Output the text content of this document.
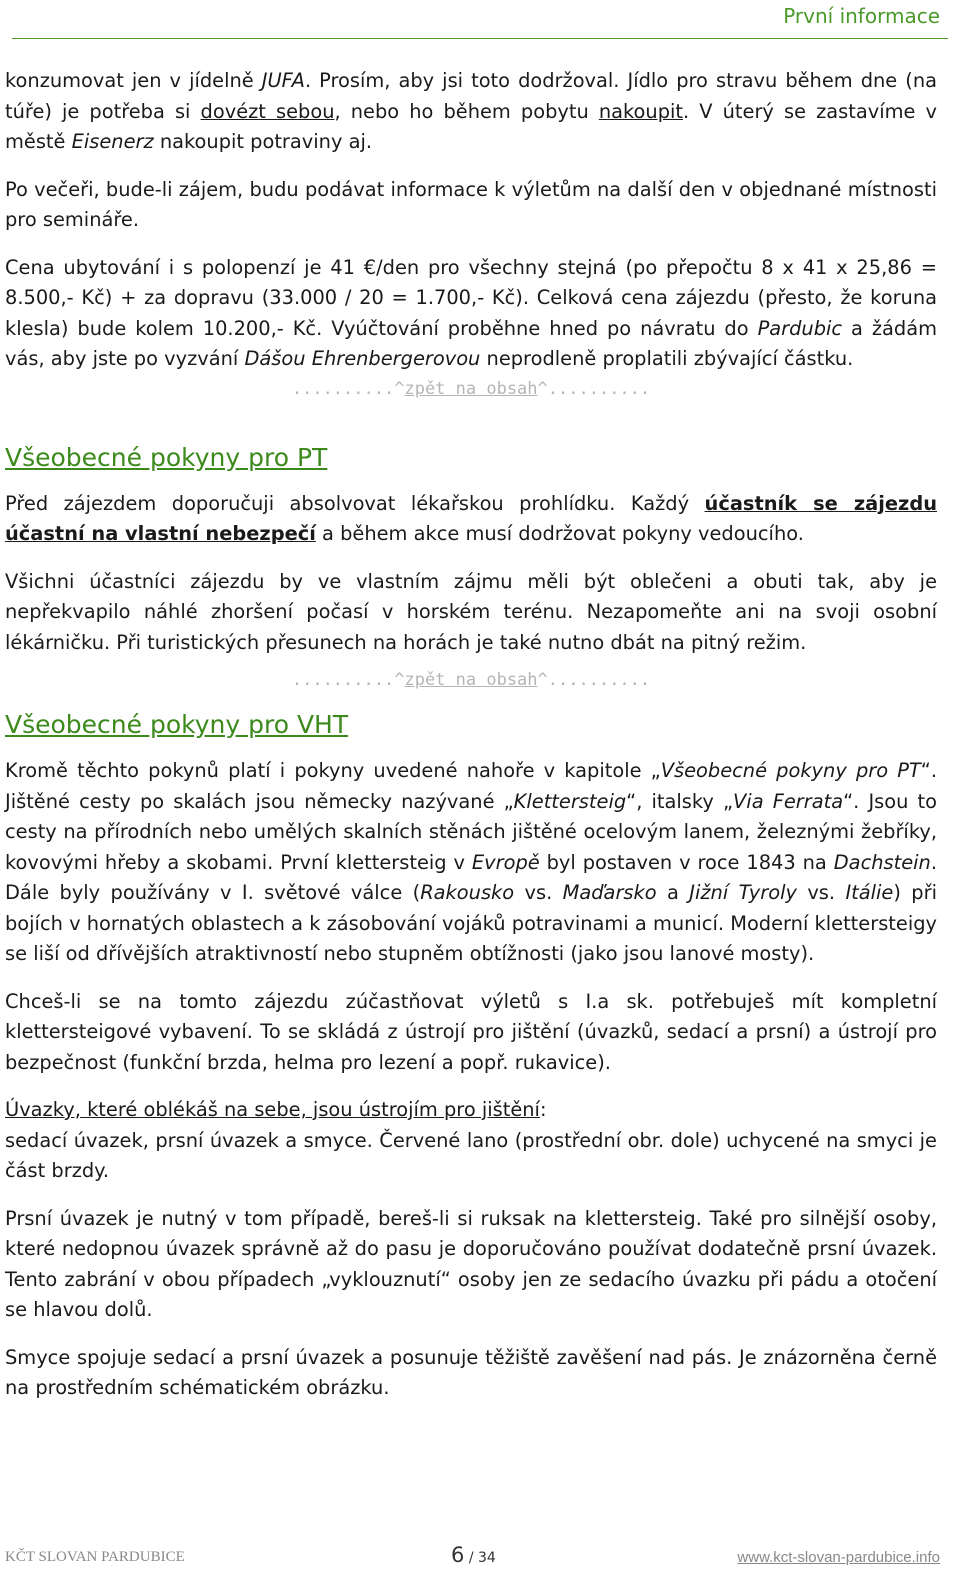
První informace

konzumovat jen v jídelně JUFA. Prosím, aby jsi toto dodržoval. Jídlo pro stravu během dne (na túře) je potřeba si dovézt sebou, nebo ho během pobytu nakoupit. V úterý se zastavíme v městě Eisenerz nakoupit potraviny aj.

Po večeři, bude-li zájem, budu podávat informace k výletům na další den v objednané místnosti pro semináře.

Cena ubytování i s polopenzí je 41 €/den pro všechny stejná (po přepočtu 8 x 41 x 25,86 = 8.500,- Kč) + za dopravu (33.000 / 20 = 1.700,- Kč). Celková cena zájezdu (přesto, že koruna klesla) bude kolem 10.200,- Kč. Vyúčtování proběhne hned po návratu do Pardubic a žádám vás, aby jste po vyzvání Dášou Ehrenbergerovou neprodleně proplatili zbývající částku.

..........^zpět na obsah^..........
Všeobecné pokyny pro PT

Před zájezdem doporučuji absolvovat lékařskou prohlídku. Každý účastník se zájezdu účastní na vlastní nebezpečí a během akce musí dodržovat pokyny vedoucího.

Všichni účastníci zájezdu by ve vlastním zájmu měli být oblečeni a obuti tak, aby je nepřekvapilo náhlé zhoršení počasí v horském terénu. Nezapomeňte ani na svoji osobní lékárničku. Při turistických přesunech na horách je také nutno dbát na pitný režim.

..........^zpět na obsah^..........
Všeobecné pokyny pro VHT

Kromě těchto pokynů platí i pokyny uvedené nahoře v kapitole „Všeobecné pokyny pro PT“. Jištěné cesty po skalách jsou německy nazývané „Klettersteig“, italsky „Via Ferrata“. Jsou to cesty na přírodních nebo umělých skalních stěnách jištěné ocelovým lanem, železnými žebříky, kovovými hřeby a skobami. První klettersteig v Evropě byl postaven v roce 1843 na Dachstein. Dále byly používány v I. světové válce (Rakousko vs. Maďarsko a Jižní Tyroly vs. Itálie) při bojích v hornatých oblastech a k zásobování vojáků potravinami a municí. Moderní klettersteigy se liší od dřívějších atraktivností nebo stupněm obtížnosti (jako jsou lanové mosty).

Chceš-li se na tomto zájezdu zúčastňovat výletů s I.a sk. potřebuješ mít kompletní klettersteigové vybavení. To se skládá z ústrojí pro jištění (úvazků, sedací a prsní) a ústrojí pro bezpečnost (funkční brzda, helma pro lezení a popř. rukavice).

Úvazky, které oblékáš na sebe, jsou ústrojím pro jištění:
sedací úvazek, prsní úvazek a smyce. Červené lano (prostřední obr. dole) uchycené na smyci je část brzdy.

Prsní úvazek je nutný v tom případě, bereš-li si ruksak na klettersteig. Také pro silnější osoby, které nedopnou úvazek správně až do pasu je doporučováno používat dodatečně prsní úvazek. Tento zabrání v obou případech „vyklouznutí“ osoby jen ze sedacího úvazku při pádu a otočení se hlavou dolů.

Smyce spojuje sedací a prsní úvazek a posunuje těžiště zavěšení nad pás. Je znázorněna černě na prostředním schématickém obrázku.

KČT SLOVAN PARDUBICE	6 / 34	www.kct-slovan-pardubice.info
